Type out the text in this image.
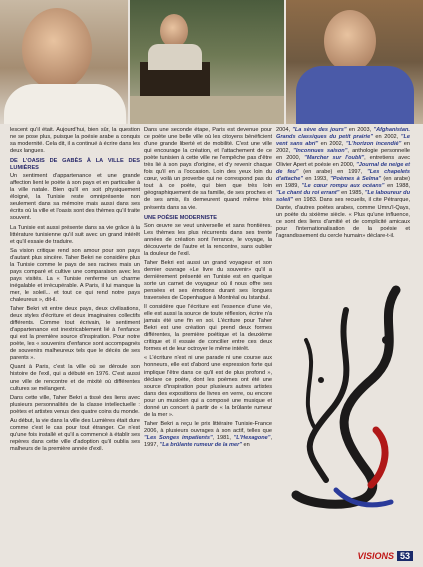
lescent qu'il était. Aujourd'hui, bien sûr, la question ne se pose plus, puisque la poésie arabe a conquis sa modernité. Cela dit, il a continué à écrire dans les deux langues.

DE L'OASIS DE GABÈS À LA VILLE DES LUMIÈRES

Un sentiment d'appartenance et une grande affection lient le poète à son pays et en particulier à la ville natale. Bien qu'il en soit physiquement éloigné, la Tunisie reste omniprésente non seulement dans sa mémoire mais aussi dans ses écrits où la ville et l'oasis sont des thèmes qu'il traite souvent.

La Tunisie est aussi présente dans sa vie grâce à la littérature tunisienne qu'il suit avec un grand intérêt et qu'il essaie de traduire.

Sa vision critique rend son amour pour son pays d'autant plus sincère. Taher Bekri ne considère plus la Tunisie comme le pays de ses racines mais un pays comparé et cultive une comparaison avec les pays visités. La « Tunisie renferme un charme inégalable et irrécupérable. A Paris, il lui manque la mer, le soleil... et tout ce qui rend notre pays chaleureux », dit-il.

Taher Bekri vit entre deux pays, deux civilisations, deux styles d'écriture et deux imaginaires collectifs différents. Comme tout écrivain, le sentiment d'appartenance est inextricablement lié à l'enfance qui est la première source d'inspiration. Pour notre poète, les « souvenirs d'enfance sont accompagnés de souvenirs malheureux tels que le décès de ses parents ».

Quant à Paris, c'est la ville où se déroule son histoire de l'exil, qui a débuté en 1976. C'est aussi une ville de rencontre et de mixité où différentes cultures se mélangent.

Dans cette ville, Taher Bekri a tissé des liens avec plusieurs personnalités de la classe intellectuelle : poètes et artistes venus des quatre coins du monde.

Au début, la vie dans la ville des Lumières était dure comme c'est le cas pour tout étranger. Ce n'est qu'une fois installé et qu'il a commencé à établir ses repères dans cette ville d'adoption qu'il oublia ses malheurs de la première année d'exil.

Dans une seconde étape, Paris est devenue pour ce poète une belle ville où les citoyens bénéficient d'une grande liberté et de mobilité. C'est une ville qui encourage la création, et l'attachement de ce poète tunisien à cette ville ne l'empêche pas d'être très lié à son pays d'origine, et d'y revenir chaque fois qu'il en a l'occasion. Loin des yeux loin du cœur, voilà un proverbe qui ne correspond pas du tout à ce poète, qui bien que très loin géographiquement de sa famille, de ses proches et de ses amis, ils demeurent quand même très présents dans sa vie.

UNE POÉSIE MODERNISTE

Son œuvre se veut universelle et sans frontières. Les thèmes les plus récurrents dans ses trente années de création sont l'errance, le voyage, la découverte de l'autre et la rencontre, sans oublier la douleur de l'exil.

Taher Bekri est aussi un grand voyageur et son dernier ouvrage «Le livre du souvenir» qu'il a dernièrement présenté en Tunisie est en quelque sorte un carnet de voyageur où il nous offre ses pensées et ses émotions durant ses longues traversées de Copenhague à Montréal ou Istanbul.

Il considère que l'écriture est l'essence d'une vie, elle est aussi la source de toute réflexion, écrire n'a jamais été une fin en soi. L'écriture pour Taher Bekri est une création qui prend deux formes différentes, la première poétique et la deuxième critique et il essaie de concilier entre ces deux formes et de leur octroyer le même intérêt.

« L'écriture n'est ni une parade ni une course aux honneurs, elle est d'abord une expression forte qui implique l'être dans ce qu'il est de plus profond », déclare ce poète, dont les poèmes ont été une source d'inspiration pour plusieurs autres artistes dans des expositions de livres en verre, ou encore pour un musicien qui a composé une musique et donné un concert à partir de « la brûlante rumeur de la mer ».

Taher Bekri a reçu le prix littéraire Tunisie-France 2006, à plusieurs ouvrages à son actif, telles que "Les Songes impatients", 1981, "L'Hexagone", 1997, "La brûlante rumeur de la mer" en

2004, "La sève des jours" en 2003, "Afghanistan. Grands classiques du petit prairie" en 2002, "Le vent sans abri" en 2002, "L'horizon incendié" en 2002, "Inconnues saison", anthologie personnelle en 2000, "Marcher sur l'oubli", entretiens avec Olivier Apert et poésie en 2000, "Journal de neige et de feu" (en arabe) en 1997, "Les chapelets d'attache" en 1993, "Poèmes à Selma" (en arabe) en 1989, "Le cœur rompu aux océans" en 1988, "Le chant du roi errant" en 1985, "Le laboureur du soleil" en 1983. Dans ses recueils, il cite Pétrarque, Dante, d'autres poètes arabes, comme Umru'l-Qays, un poète du sixième siècle. « Plus qu'une influence, ce sont des liens d'amitié et de complicité amicaux pour l'internationalisation de la poésie et l'agrandissement du cercle humain» déclare-t-il.

VISIONS 53
